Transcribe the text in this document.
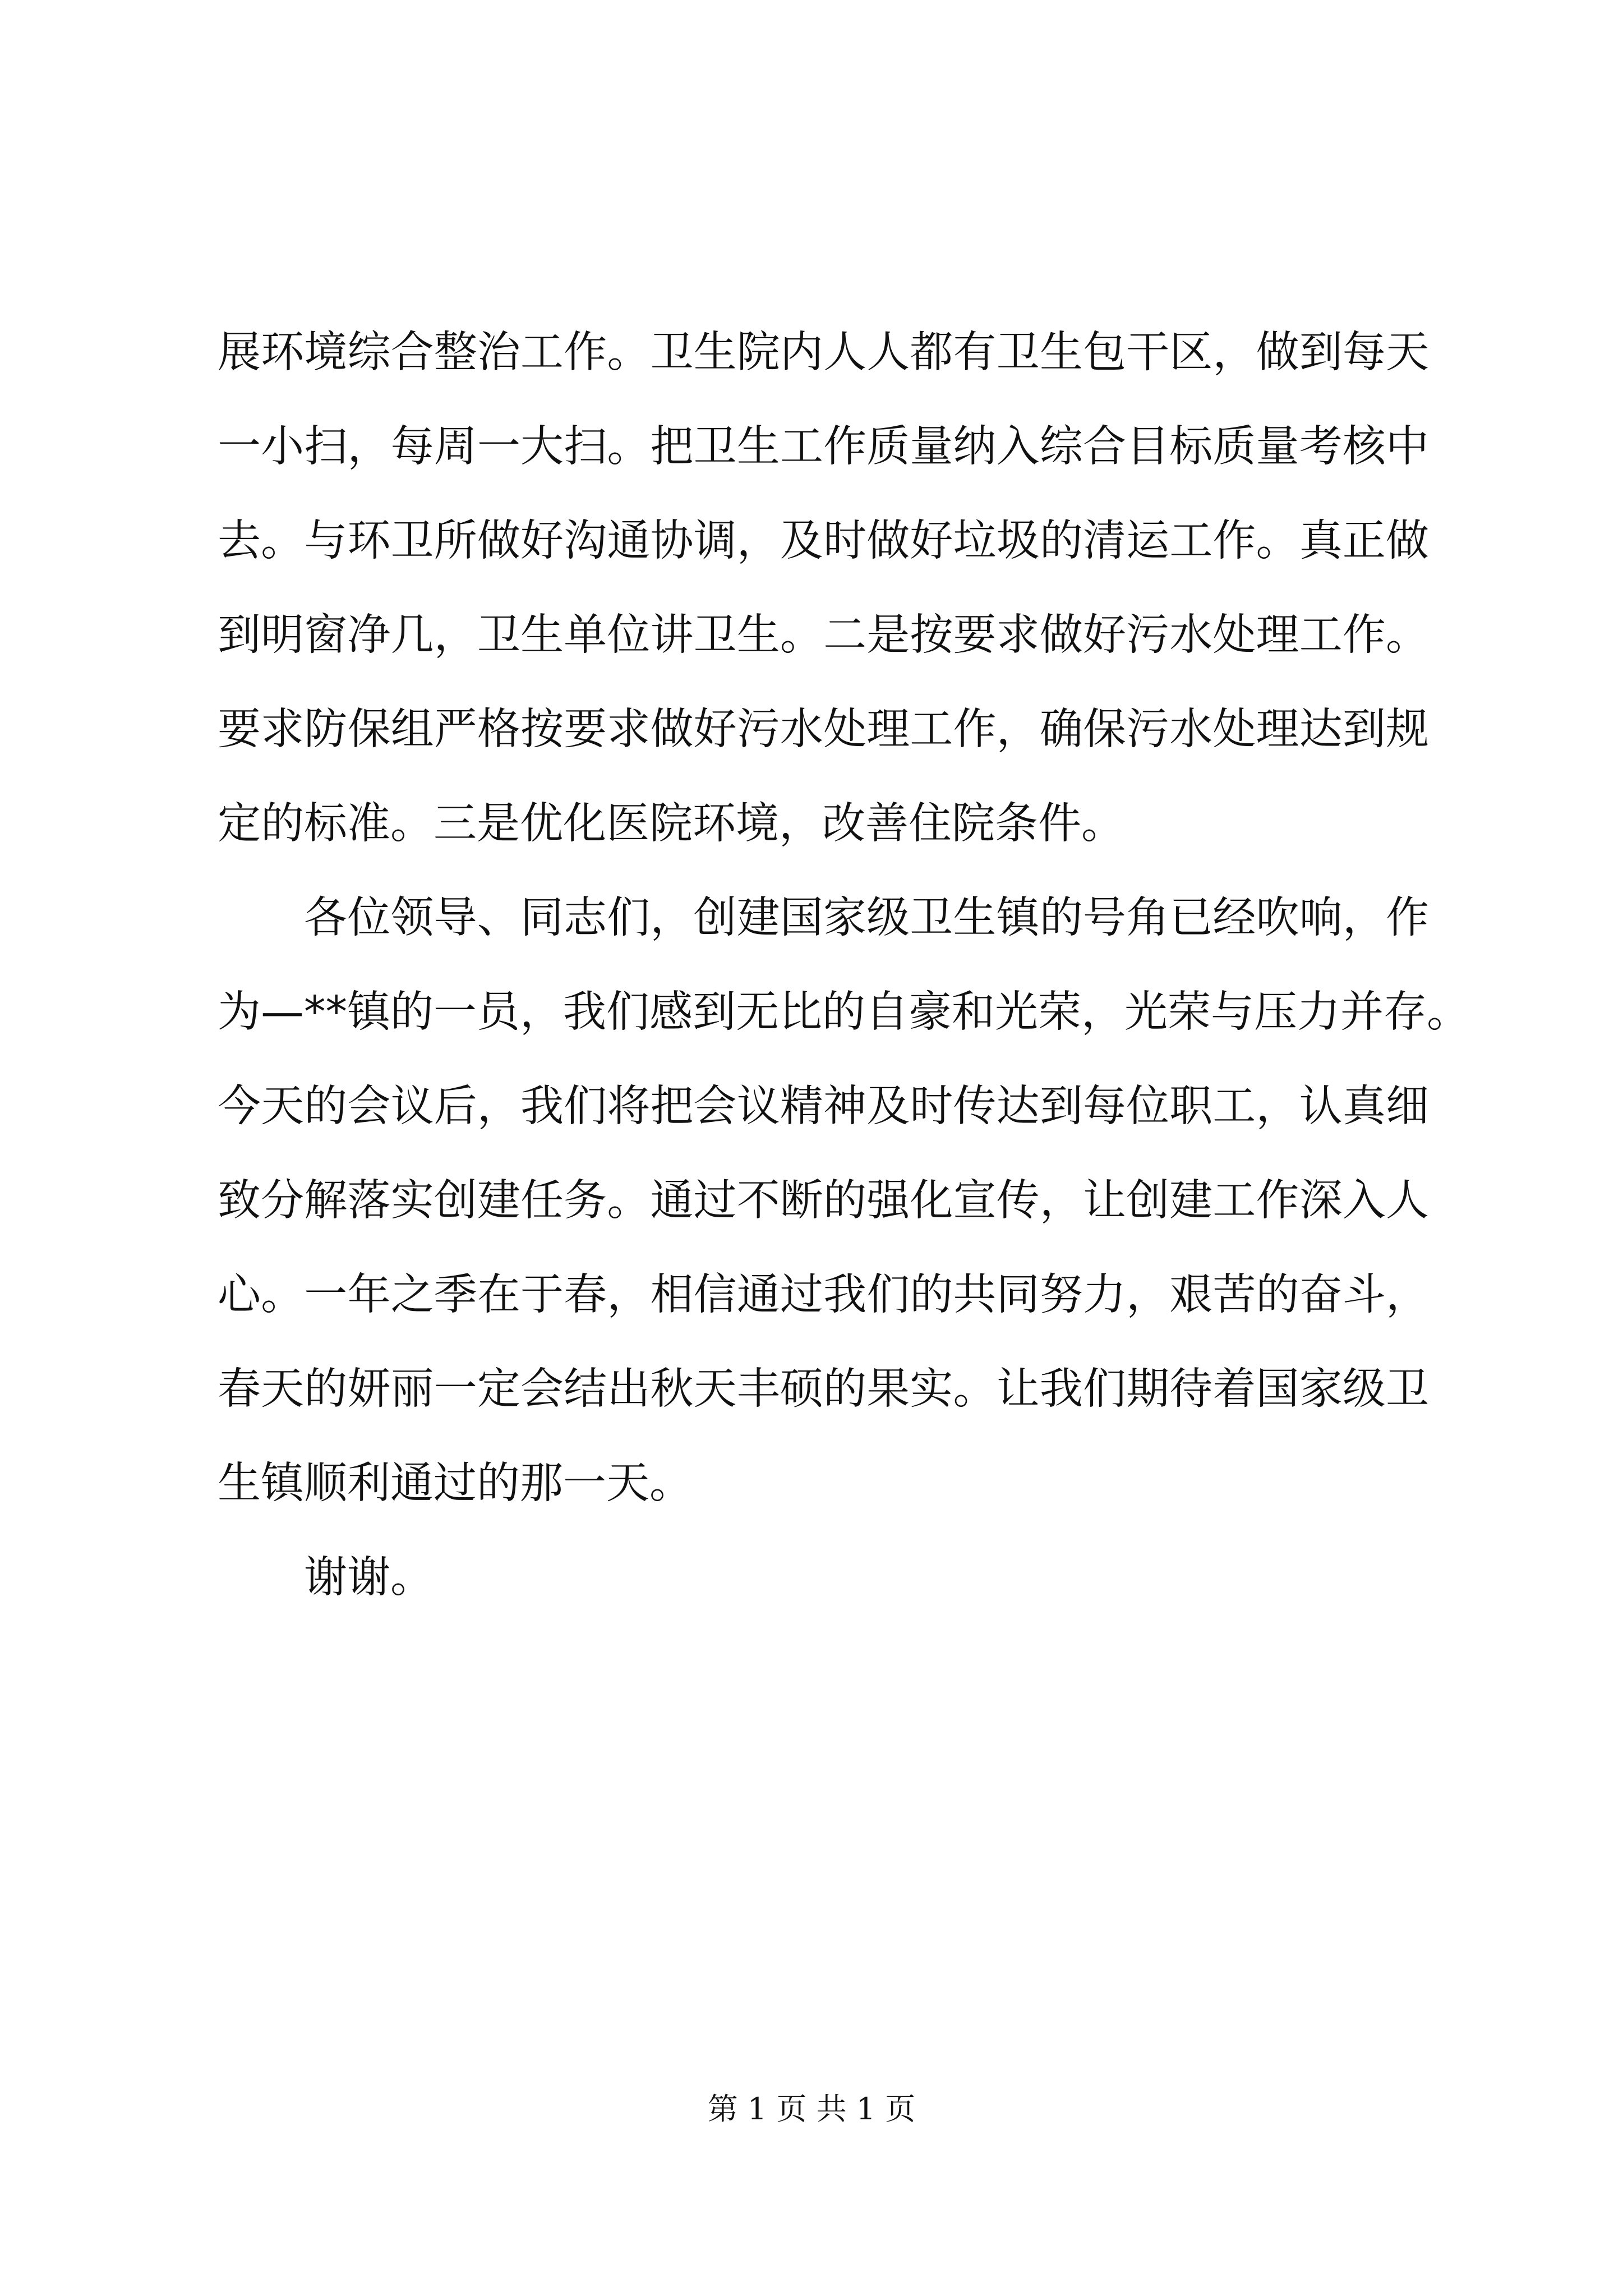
展环境综合整治工作。卫生院内人人都有卫生包干区，做到每天
一小扫，每周一大扫。把卫生工作质量纳入综合目标质量考核中
去。与环卫所做好沟通协调，及时做好垃圾的清运工作。真正做
到明窗净几，卫生单位讲卫生。二是按要求做好污水处理工作。
要求防保组严格按要求做好污水处理工作，确保污水处理达到规
定的标准。三是优化医院环境，改善住院条件。
各位领导、同志们，创建国家级卫生镇的号角已经吹响，作
为—**镇的一员，我们感到无比的自豪和光荣，光荣与压力并存。
今天的会议后，我们将把会议精神及时传达到每位职工，认真细
致分解落实创建任务。通过不断的强化宣传，让创建工作深入人
心。一年之季在于春，相信通过我们的共同努力，艰苦的奋斗，
春天的妍丽一定会结出秋天丰硕的果实。让我们期待着国家级卫
生镇顺利通过的那一天。
谢谢。
第 1 页 共 1 页
